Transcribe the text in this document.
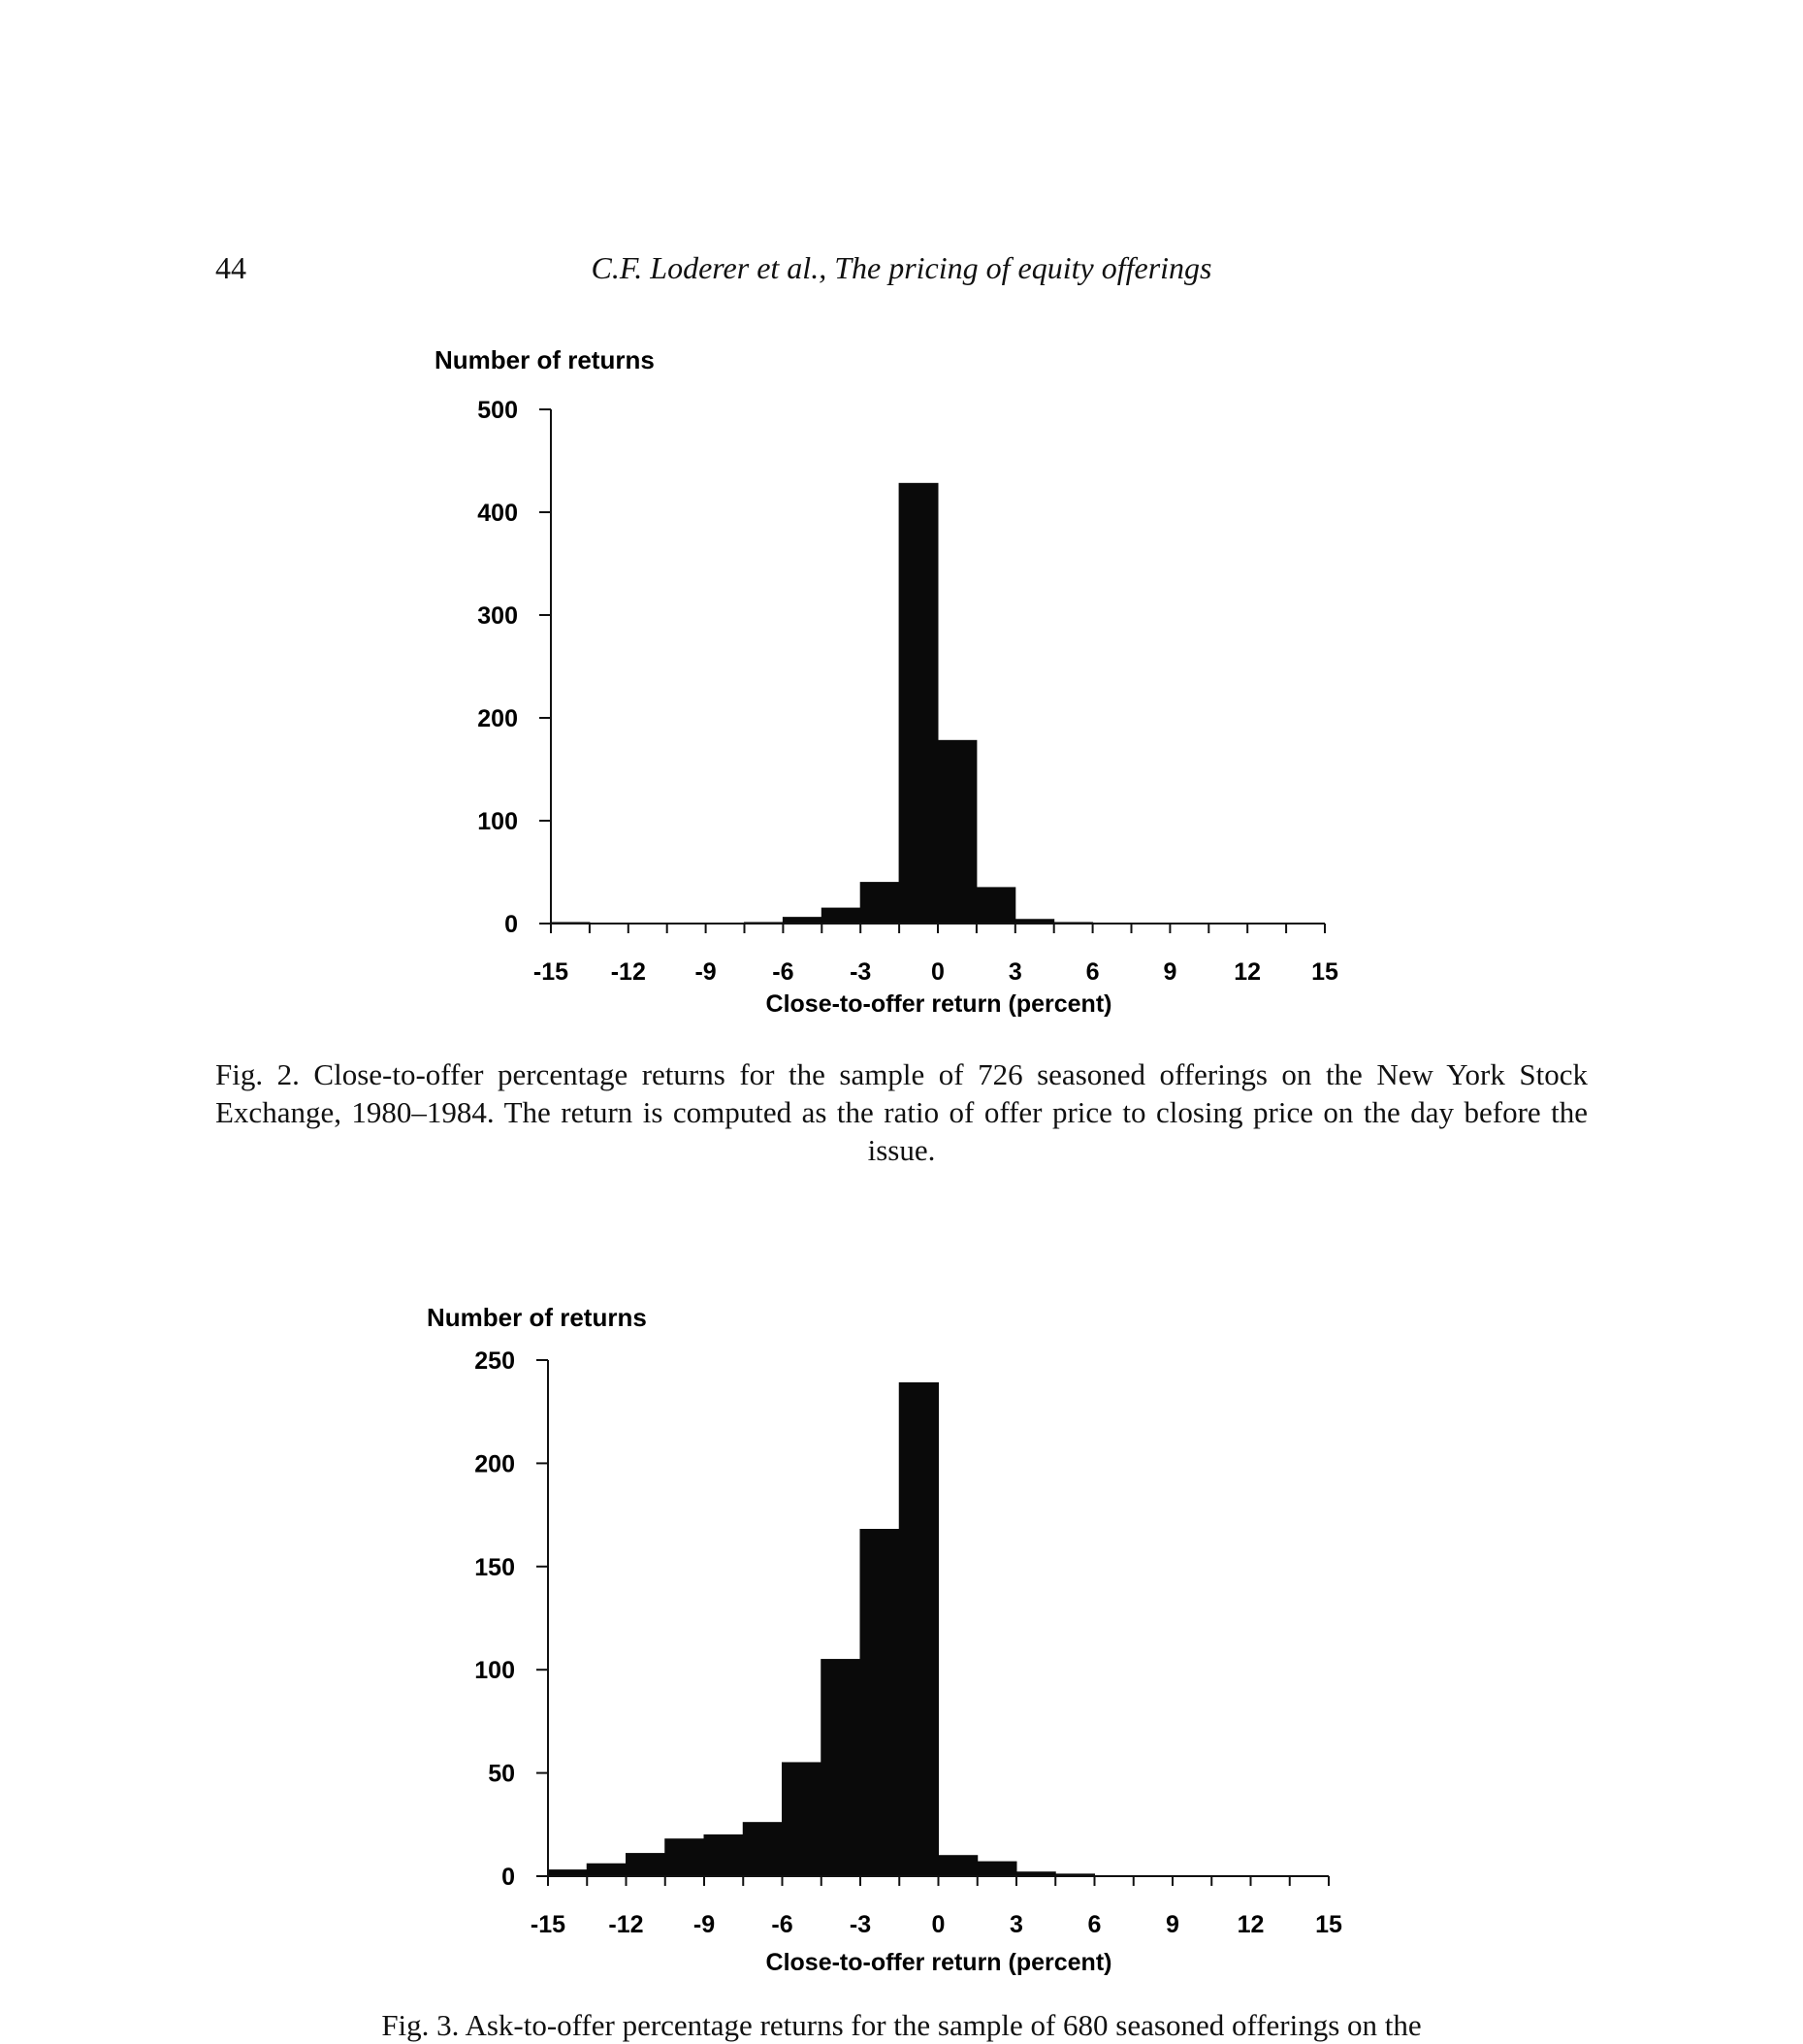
44	C.F. Loderer et al., The pricing of equity offerings
Number of returns
0
100
200
300
400
500
-15 -12 -9 -6 -3 0	3	6	9 12 15
Close-to-offer return (percent)
Fig. 2. Close-to-offer percentage returns for the sample of 726 seasoned offerings on the New York Stock Exchange, 1980–1984. The return is computed as the ratio of offer price to closing price on the day before the issue.
Number of returns
0
50
100
150
200
250
-15 -12 -9 -6 -3 0	3	6	9 12 15
Close-to-offer return (percent)
Fig. 3. Ask-to-offer percentage returns for the sample of 680 seasoned offerings on the
